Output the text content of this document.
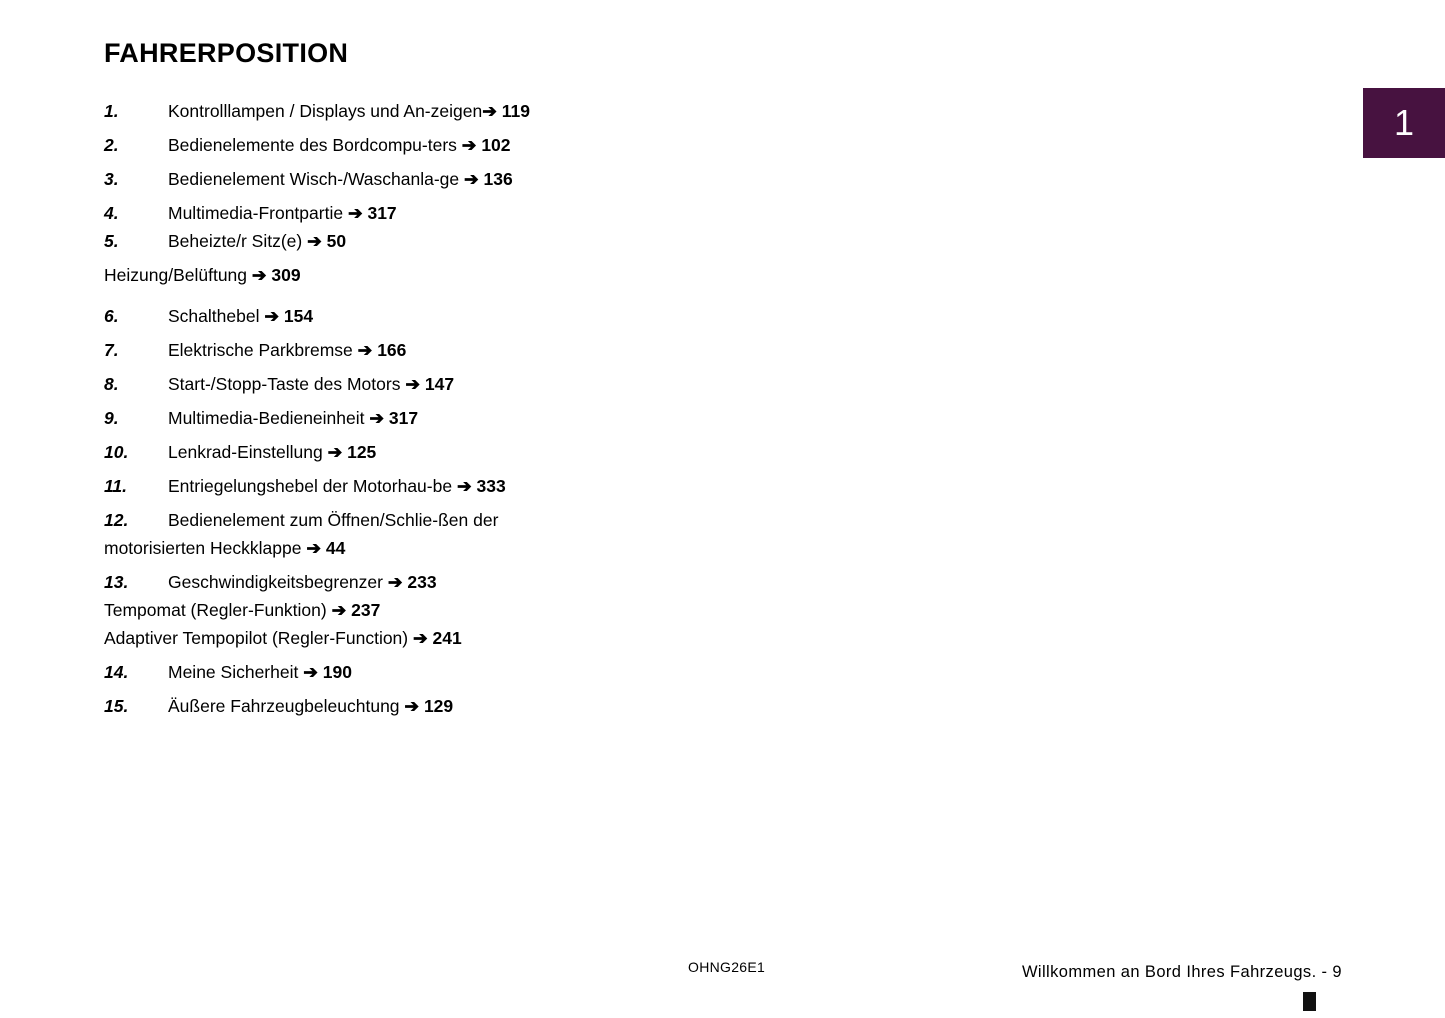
FAHRERPOSITION
1.	Kontrolllampen / Displays und An-zeigen➔ 119
2.	Bedienelemente des Bordcompu-ters ➔ 102
3.	Bedienelement Wisch-/Waschanla-ge ➔ 136
4.	Multimedia-Frontpartie ➔ 317
5.	Beheizte/r Sitz(e) ➔ 50
Heizung/Belüftung ➔ 309
6.	Schalthebel ➔ 154
7.	Elektrische Parkbremse ➔ 166
8.	Start-/Stopp-Taste des Motors ➔ 147
9.	Multimedia-Bedieneinheit ➔ 317
10.	Lenkrad-Einstellung ➔ 125
11.	Entriegelungshebel der Motorhau-be ➔ 333
12.	Bedienelement zum Öffnen/Schlie-ßen der
motorisierten Heckklappe ➔ 44
13.	Geschwindigkeitsbegrenzer ➔ 233
Tempomat (Regler-Funktion) ➔ 237
Adaptiver Tempopilot (Regler-Function) ➔ 241
14.	Meine Sicherheit ➔ 190
15.	Äußere Fahrzeugbeleuchtung ➔ 129
1
OHNG26E1	Willkommen an Bord Ihres Fahrzeugs. - 9
